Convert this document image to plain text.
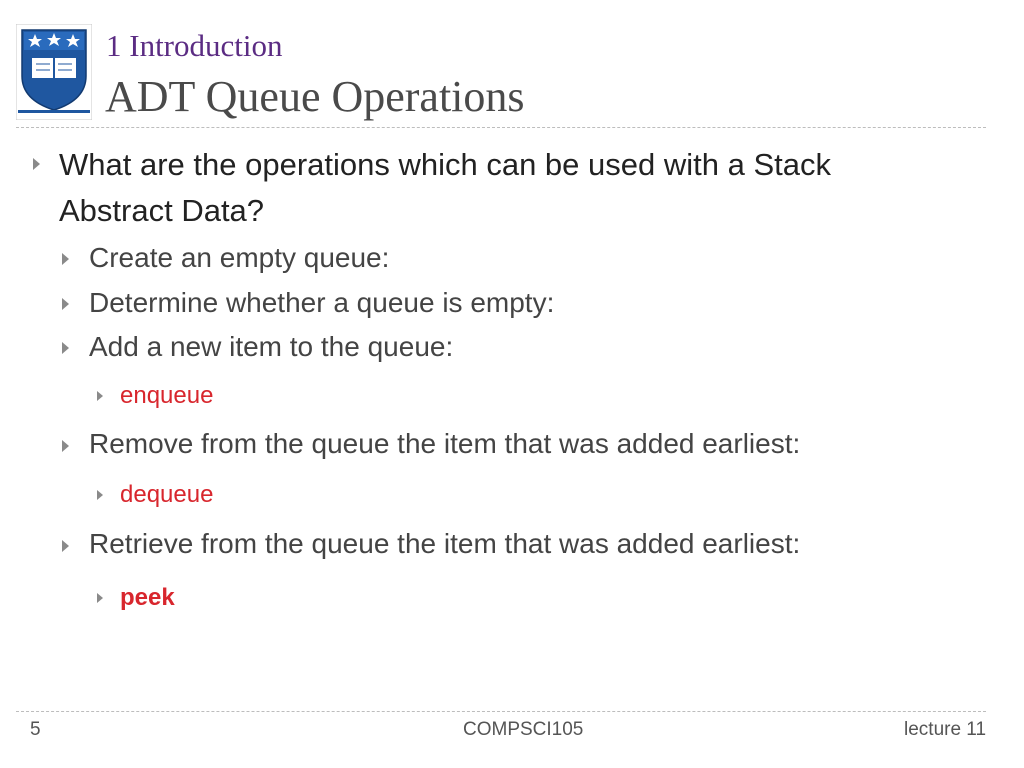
1 Introduction
ADT Queue Operations
What are the operations which can be used with a Stack
Abstract Data?
Create an empty queue:
Determine whether a queue is empty:
Add a new item to the queue:
enqueue
Remove from the queue the item that was added earliest:
dequeue
Retrieve from the queue the item that was added earliest:
peek
5	COMPSCI105	lecture 11
